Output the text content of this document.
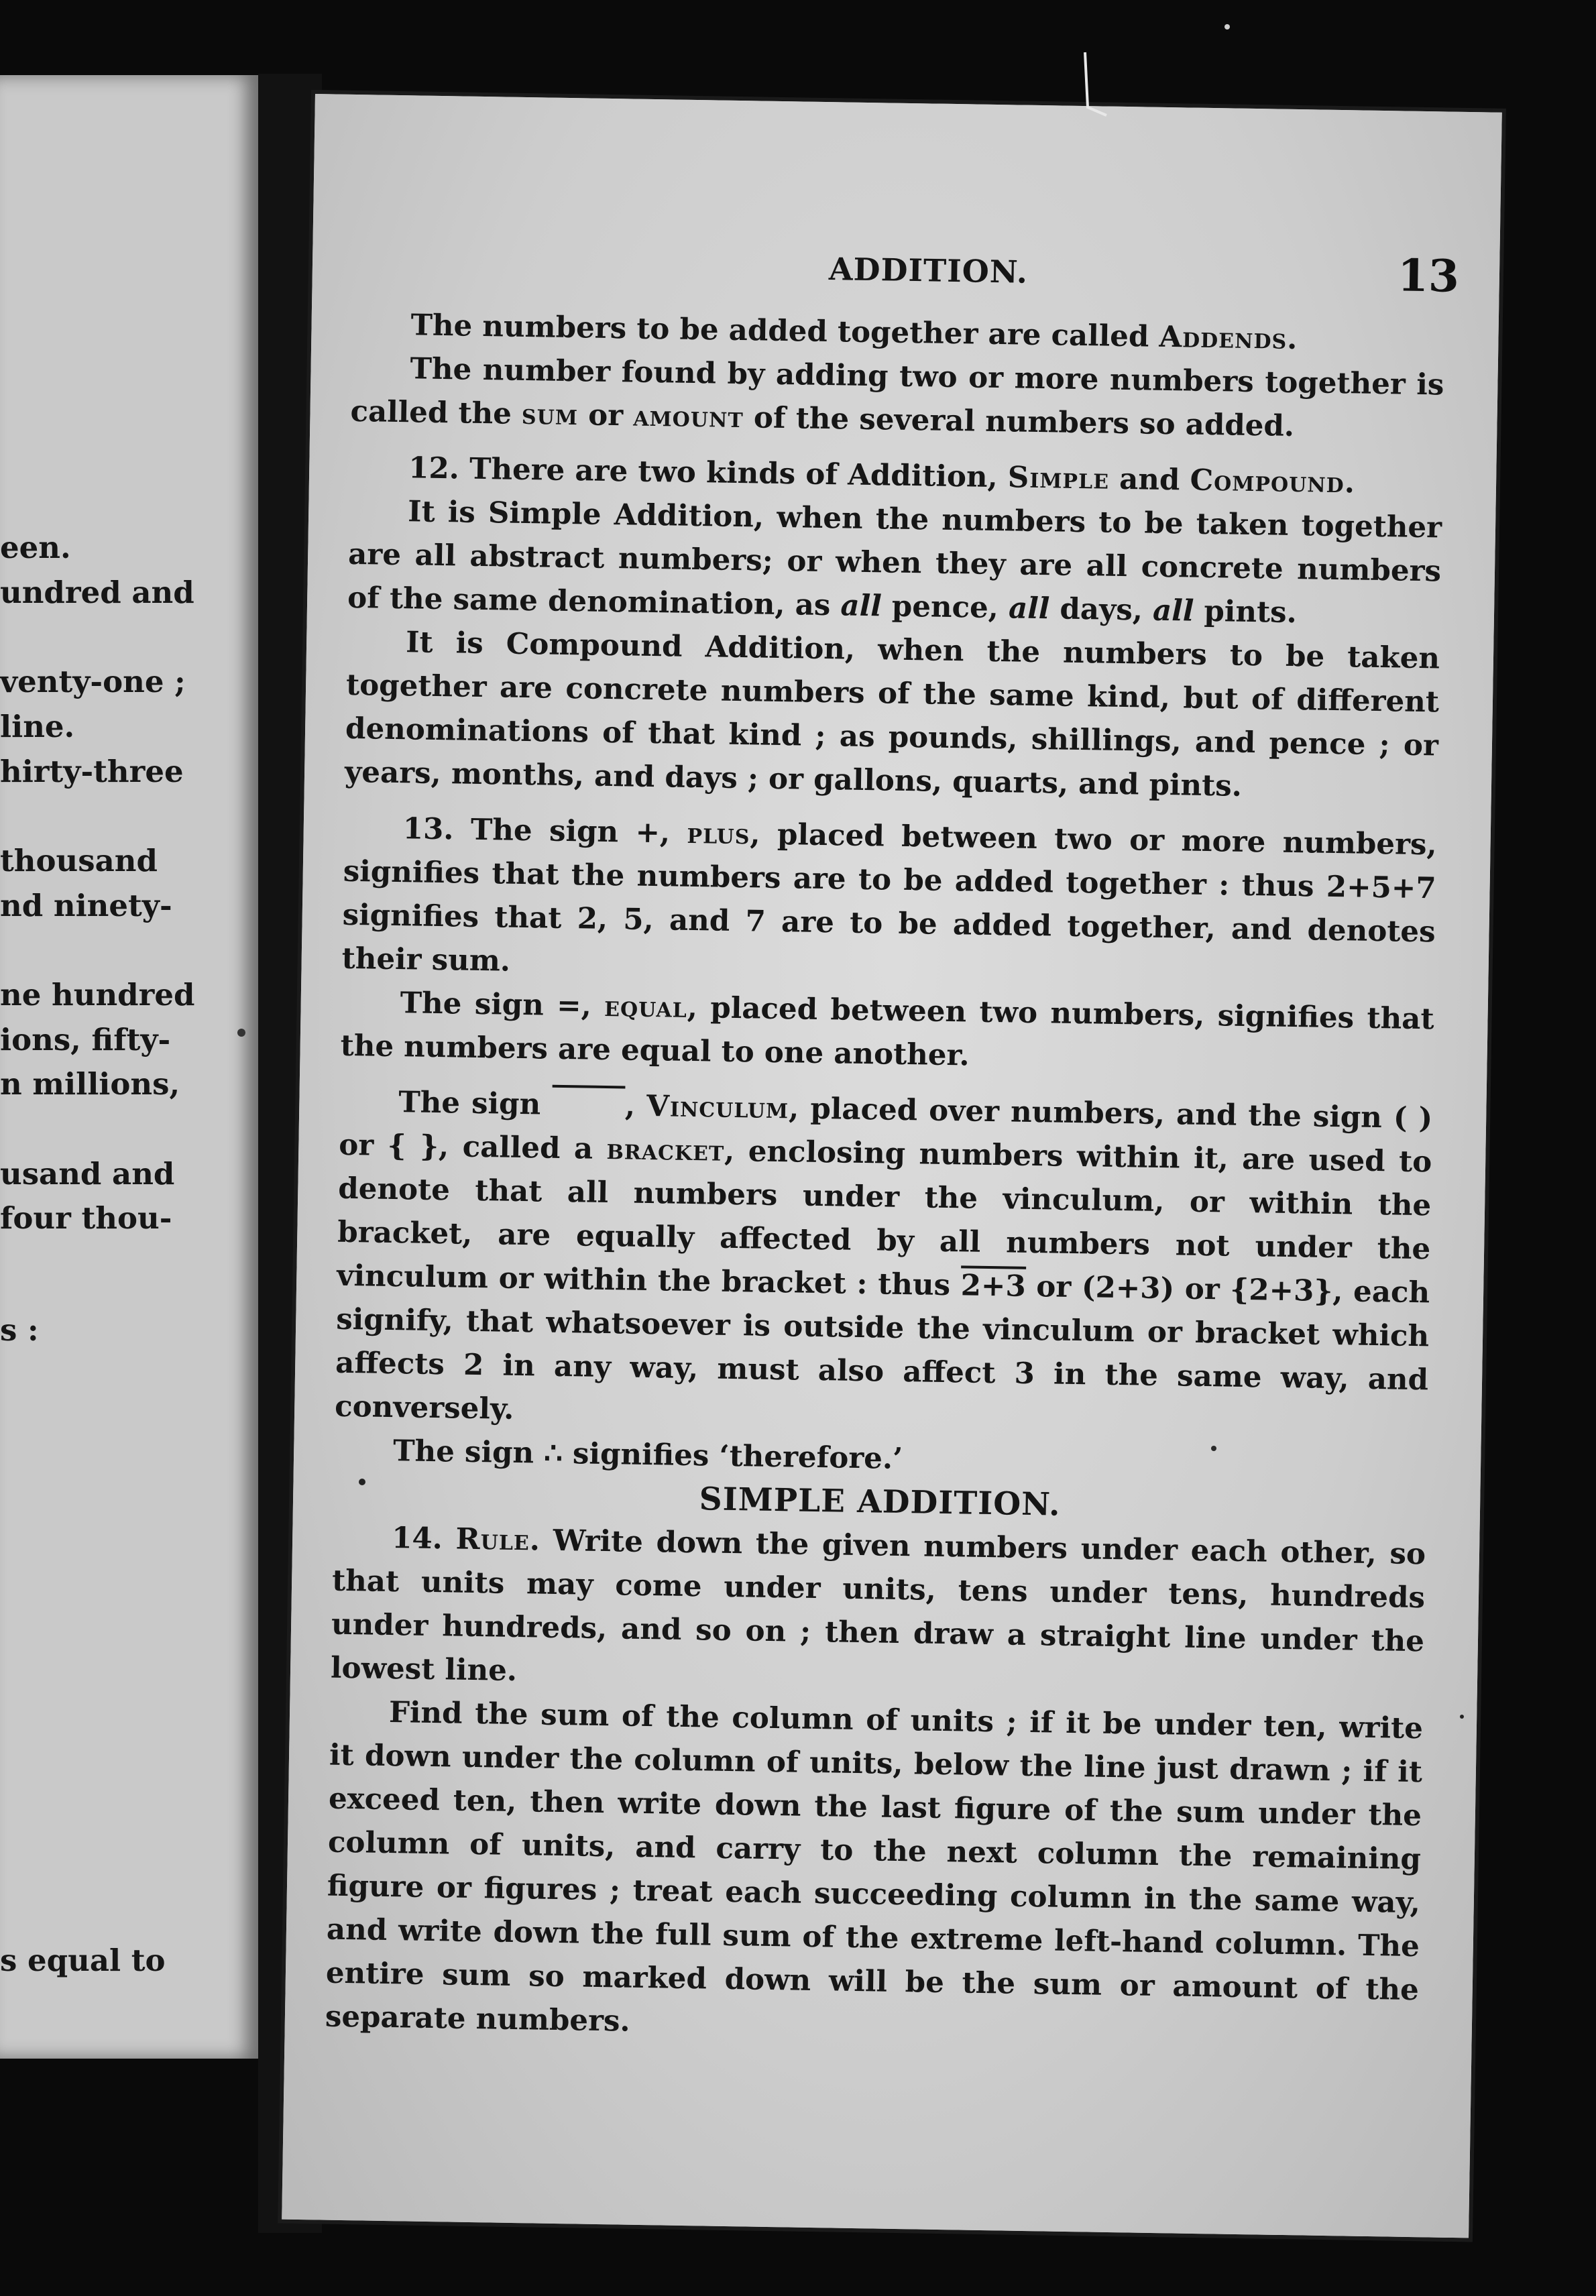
een.
undred and
venty-one ;
line.
hirty-three
thousand
nd ninety-
ne hundred
ions, fifty-
n millions,
usand and
four thou-
s :
s equal to
ADDITION.	13

The numbers to be added together are called Addends.

The number found by adding two or more numbers together is called the sum or amount of the several numbers so added.

12. There are two kinds of Addition, Simple and Compound.

It is Simple Addition, when the numbers to be taken together are all abstract numbers; or when they are all concrete numbers of the same denomination, as all pence, all days, all pints.

It is Compound Addition, when the numbers to be taken together are concrete numbers of the same kind, but of different denominations of that kind ; as pounds, shillings, and pence ; or years, months, and days ; or gallons, quarts, and pints.

13. The sign +, plus, placed between two or more numbers, signifies that the numbers are to be added together : thus 2+5+7 signifies that 2, 5, and 7 are to be added together, and denotes their sum.

The sign =, equal, placed between two numbers, signifies that the numbers are equal to one another.

The sign    , Vinculum, placed over numbers, and the sign ( ) or { }, called a bracket, enclosing numbers within it, are used to denote that all numbers under the vinculum, or within the bracket, are equally affected by all numbers not under the vinculum or within the bracket : thus 2+3 or (2+3) or {2+3}, each signify, that whatsoever is outside the vinculum or bracket which affects 2 in any way, must also affect 3 in the same way, and conversely.

The sign ∴ signifies ‘therefore.’

SIMPLE ADDITION.

14. Rule. Write down the given numbers under each other, so that units may come under units, tens under tens, hundreds under hundreds, and so on ; then draw a straight line under the lowest line.

Find the sum of the column of units ; if it be under ten, write it down under the column of units, below the line just drawn ; if it exceed ten, then write down the last figure of the sum under the column of units, and carry to the next column the remaining figure or figures ; treat each succeeding column in the same way, and write down the full sum of the extreme left-hand column. The entire sum so marked down will be the sum or amount of the separate numbers.
